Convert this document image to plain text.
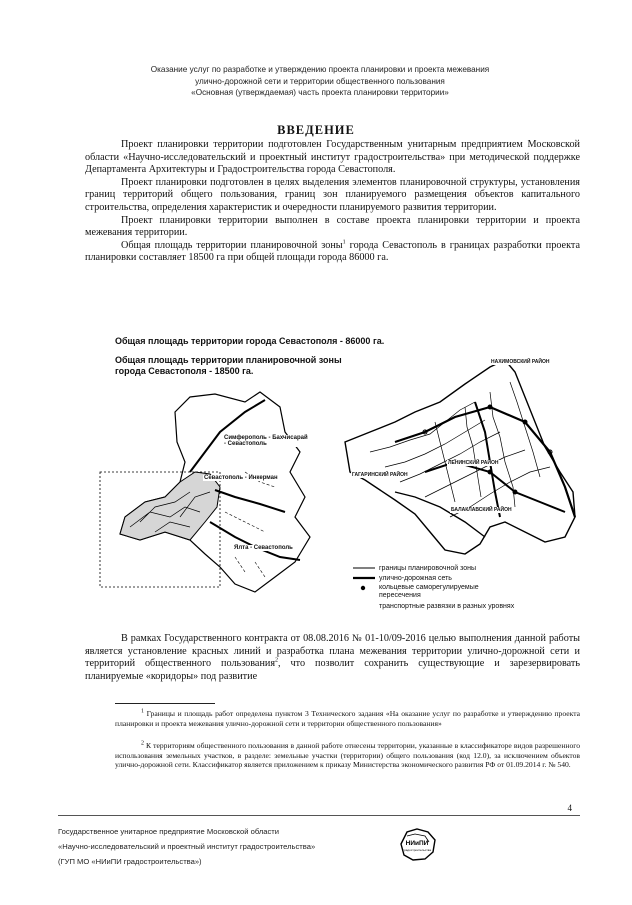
Оказание услуг по разработке и утверждению проекта планировки и проекта межевания
улично-дорожной сети и территории общественного пользования
«Основная (утверждаемая) часть проекта планировки территории»
ВВЕДЕНИЕ

Проект планировки территории подготовлен Государственным унитарным предприятием Московской области «Научно-исследовательский и проектный институт градостроительства» при методической поддержке Департамента Архитектуры и Градостроительства города Севастополя.

Проект планировки подготовлен в целях выделения элементов планировочной структуры, установления границ территорий общего пользования, границ зон планируемого размещения объектов капитального строительства, определения характеристик и очередности планируемого развития территории.

Проект планировки территории выполнен в составе проекта планировки территории и проекта межевания территории.

Общая площадь территории планировочной зоны$^1$ города Севастополь в границах разработки проекта планировки составляет 18500 га при общей площади города 86000 га.

Общая площадь территории города Севастополя - 86000 га.
Общая площадь территории планировочной зоны
города Севастополя - 18500 га.
Симферополь - Бахчисарай
- Севастополь
Севастополь - Инкерман
Ялта - Севастополь
НАХИМОВСКИЙ РАЙОН
ЛЕНИНСКИЙ РАЙОН
ГАГАРИНСКИЙ РАЙОН
БАЛАКЛАВСКИЙ РАЙОН
границы планировочной зоны
улично-дорожная сеть
кольцевые саморегулируемые
пересечения
транспортные развязки в разных уровнях

В рамках Государственного контракта от 08.08.2016 № 01-10/09-2016 целью выполнения данной работы является установление красных линий и разработка плана межевания территории улично-дорожной сети и территорий общественного пользования$^2$, что позволит сохранить существующие и зарезервировать планируемые «коридоры» под развитие

$^1$ Границы и площадь работ определена пунктом 3 Технического задания «На оказание услуг по разработке и утверждению проекта планировки и проекта межевания улично-дорожной сети и территории общественного пользования»

$^2$ К территориям общественного пользования в данной работе отнесены территории, указанные в классификаторе видов разрешенного использования земельных участков, в разделе: земельные участки (территории) общего пользования (код 12.0), за исключением объектов улично-дорожной сети. Классификатор является приложением к приказу Министерства экономического развития РФ от 01.09.2014 г. № 540.

4
Государственное унитарное предприятие Московской области
«Научно-исследовательский и проектный институт градостроительства»
(ГУП МО «НИиПИ градостроительства»)
НИиПИ
градостроительства
